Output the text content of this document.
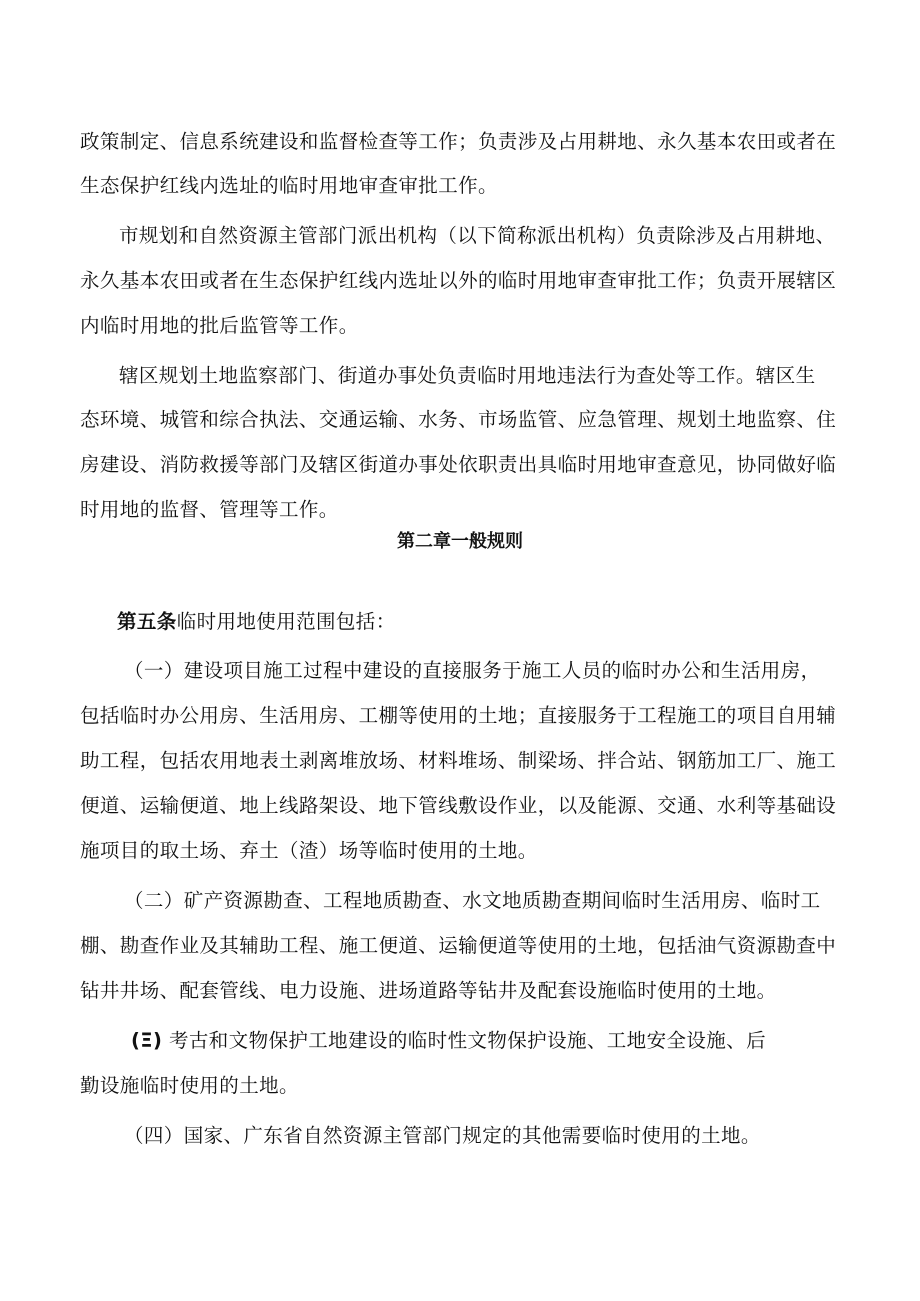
政策制定、信息系统建设和监督检查等工作；负责涉及占用耕地、永久基本农田或者在
生态保护红线内选址的临时用地审查审批工作。
市规划和自然资源主管部门派出机构（以下简称派出机构）负责除涉及占用耕地、
永久基本农田或者在生态保护红线内选址以外的临时用地审查审批工作；负责开展辖区
内临时用地的批后监管等工作。
辖区规划土地监察部门、街道办事处负责临时用地违法行为查处等工作。辖区生
态环境、城管和综合执法、交通运输、水务、市场监管、应急管理、规划土地监察、住
房建设、消防救援等部门及辖区街道办事处依职责出具临时用地审查意见，协同做好临
时用地的监督、管理等工作。
第二章一般规则
第五条临时用地使用范围包括：
（一）建设项目施工过程中建设的直接服务于施工人员的临时办公和生活用房，
包括临时办公用房、生活用房、工棚等使用的土地；直接服务于工程施工的项目自用辅
助工程，包括农用地表土剥离堆放场、材料堆场、制梁场、拌合站、钢筋加工厂、施工
便道、运输便道、地上线路架设、地下管线敷设作业，以及能源、交通、水利等基础设
施项目的取土场、弃土（渣）场等临时使用的土地。
（二）矿产资源勘查、工程地质勘查、水文地质勘查期间临时生活用房、临时工
棚、勘查作业及其辅助工程、施工便道、运输便道等使用的土地，包括油气资源勘查中
钻井井场、配套管线、电力设施、进场道路等钻井及配套设施临时使用的土地。
(Ξ) 考古和文物保护工地建设的临时性文物保护设施、工地安全设施、后
勤设施临时使用的土地。
（四）国家、广东省自然资源主管部门规定的其他需要临时使用的土地。
